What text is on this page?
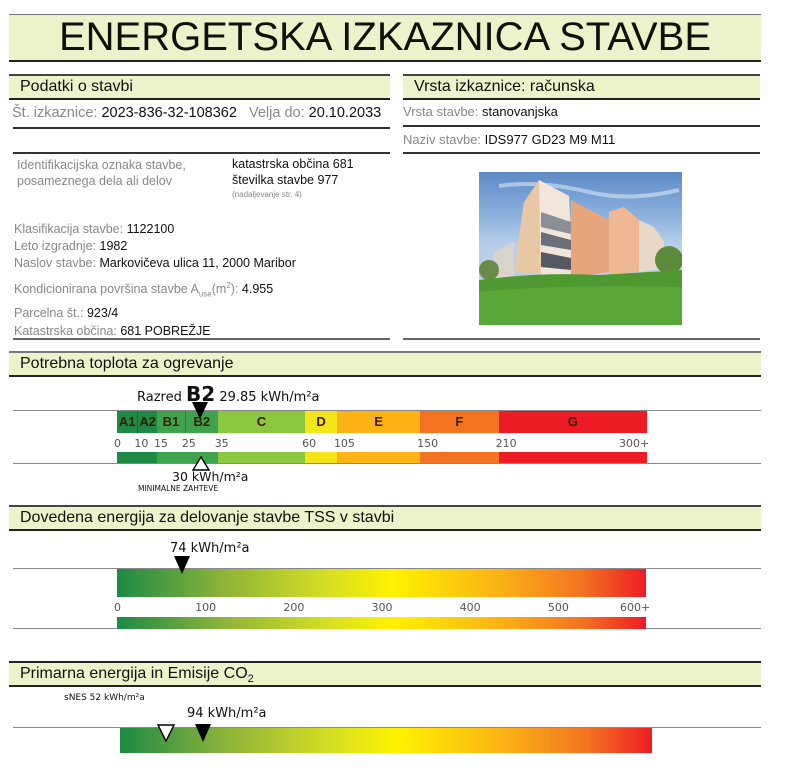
ENERGETSKA IZKAZNICA STAVBE
Podatki o stavbi
Št. izkaznice: 2023-836-32-108362 Velja do: 20.10.2033
Identifikacijska oznaka stavbe,
posameznega dela ali delov
katastrska občina 681
številka stavbe 977
(nadaljevanje str. 4)
Klasifikacija stavbe: 1122100
Leto izgradnje: 1982
Naslov stavbe: Markovičeva ulica 11, 2000 Maribor
Kondicionirana površina stavbe $A_{use}(m^2)$: 4.955
Parcelna št.: 923/4
Katastrska občina: 681 POBREŽJE
Vrsta izkaznice: računska
Vrsta stavbe: stanovanjska
Naziv stavbe: IDS977 GD23 M9 M11
Potrebna toplota za ogrevanje
Razred B2 29.85 kWh/m²a
A1 A2 B1	B2	C	D	E	F	G
0 10 15 25 35	60 105	150	210	300+
30 kWh/m²a
MINIMALNE ZAHTEVE
Dovedena energija za delovanje stavbe TSS v stavbi
74 kWh/m²a
0	100	200	300	400	500	600+
Primarna energija in Emisije $CO_2$
sNES 52 kWh/m²a
94 kWh/m²a
